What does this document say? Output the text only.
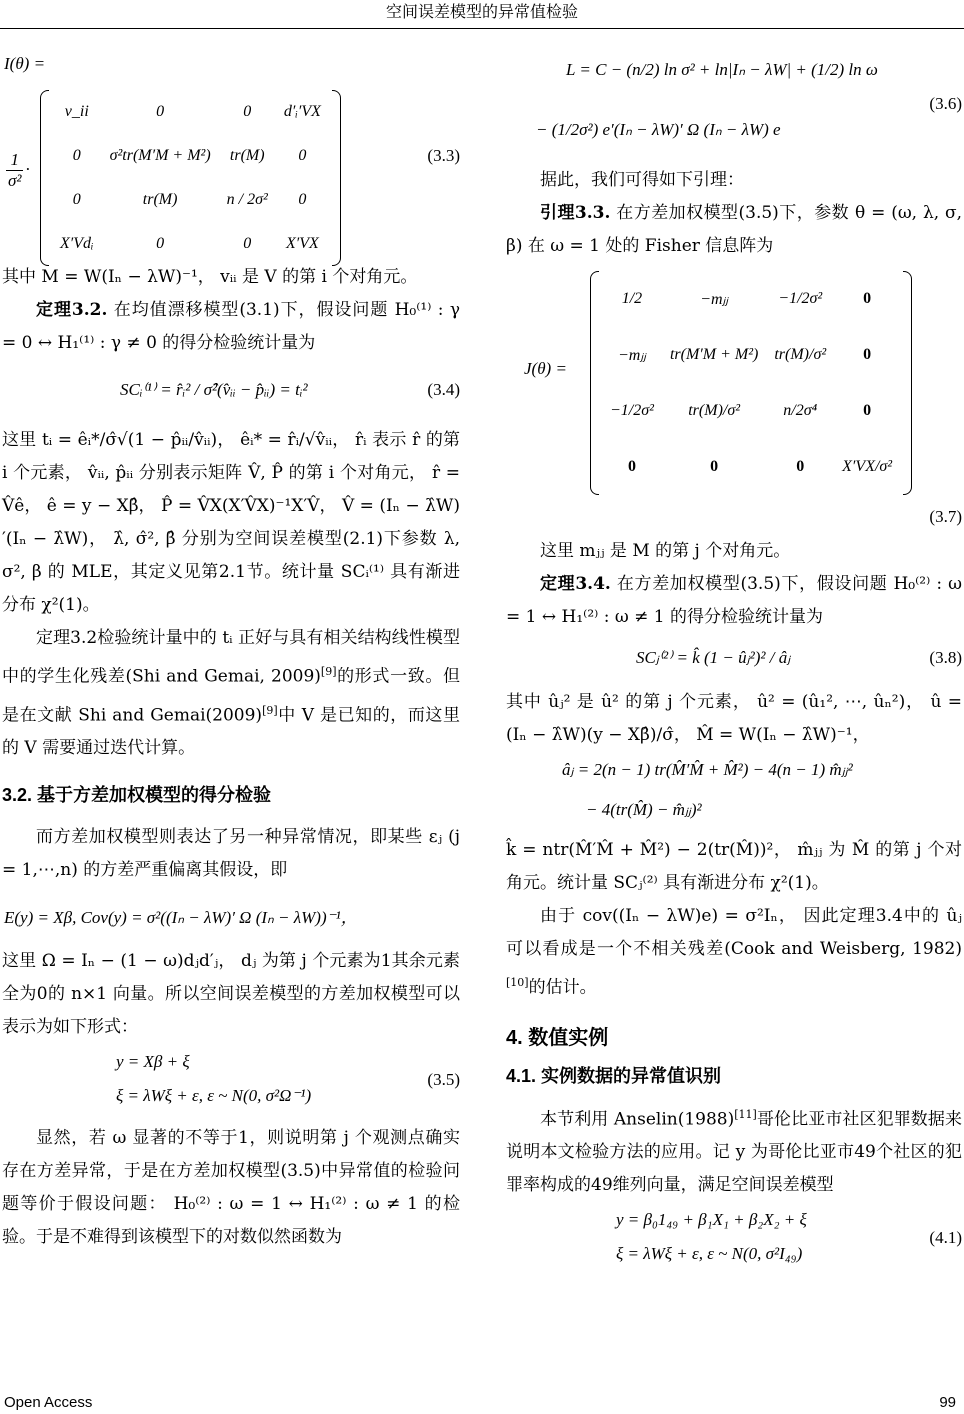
空间误差模型的异常值检验
I(θ) =
$\frac{1}{\text{σ²}}$ ·
v_ii	0	0	d′ᵢ′VX
0	σ²tr(M′M + M²)	tr(M)	0
0	tr(M)	n / 2σ²	0
X′Vdᵢ	0	0	X′VX
(3.3)

其中 M = W(Iₙ − λW)⁻¹， vᵢᵢ 是 V 的第 i 个对角元。

定理3.2. 在均值漂移模型(3.1)下，假设问题 H₀⁽¹⁾ : γ = 0 ↔ H₁⁽¹⁾ : γ ≠ 0 的得分检验统计量为

SCᵢ⁽¹⁾ = r̂ᵢ² / σ̂²(v̂ᵢᵢ − p̂ᵢᵢ) = tᵢ²	(3.4)

这里 tᵢ = êᵢ*/σ̂√(1 − p̂ᵢᵢ/v̂ᵢᵢ)， êᵢ* = r̂ᵢ/√v̂ᵢᵢ， r̂ᵢ 表示 r̂ 的第 i 个元素， v̂ᵢᵢ, p̂ᵢᵢ 分别表示矩阵 V̂, P̂ 的第 i 个对角元， r̂ = V̂ê， ê = y − Xβ̂， P̂ = V̂X(X′V̂X)⁻¹X′V̂， V̂ = (Iₙ − λ̂W)′(Iₙ − λ̂W)， λ̂, σ̂², β̂ 分别为空间误差模型(2.1)下参数 λ, σ², β 的 MLE，其定义见第2.1节。统计量 SCᵢ⁽¹⁾ 具有渐进分布 χ²(1)。

定理3.2检验统计量中的 tᵢ 正好与具有相关结构线性模型中的学生化残差(Shi and Gemai, 2009)[9]的形式一致。但是在文献 Shi and Gemai(2009)[9]中 V 是已知的，而这里的 V 需要通过迭代计算。

3.2. 基于方差加权模型的得分检验

而方差加权模型则表达了另一种异常情况，即某些 εⱼ (j = 1,⋯,n) 的方差严重偏离其假设，即

E(y) = Xβ, Cov(y) = σ²((Iₙ − λW)′ Ω (Iₙ − λW))⁻¹，

这里 Ω = Iₙ − (1 − ω)dⱼd′ⱼ， dⱼ 为第 j 个元素为1其余元素全为0的 n×1 向量。所以空间误差模型的方差加权模型可以表示为如下形式：

y = Xβ + ξ
ξ = λWξ + ε, ε ~ N(0, σ²Ω⁻¹)
(3.5)

显然，若 ω 显著的不等于1，则说明第 j 个观测点确实存在方差异常，于是在方差加权模型(3.5)中异常值的检验问题等价于假设问题： H₀⁽²⁾ : ω = 1 ↔ H₁⁽²⁾ : ω ≠ 1 的检验。于是不难得到该模型下的对数似然函数为

L = C − (n/2) ln σ² + ln|Iₙ − λW| + (1/2) ln ω
− (1/2σ²) e′(Iₙ − λW)′ Ω (Iₙ − λW) e
(3.6)

据此，我们可得如下引理：

引理3.3. 在方差加权模型(3.5)下，参数 θ = (ω, λ, σ, β) 在 ω = 1 处的 Fisher 信息阵为

J(θ) =
1/2	−mⱼⱼ	−1/2σ²	0
−mⱼⱼ	tr(M′M + M²)	tr(M)/σ²	0
−1/2σ²	tr(M)/σ²	n/2σ⁴	0
0	0	0	X′VX/σ²
(3.7)

这里 mⱼⱼ 是 M 的第 j 个对角元。

定理3.4. 在方差加权模型(3.5)下，假设问题 H₀⁽²⁾ : ω = 1 ↔ H₁⁽²⁾ : ω ≠ 1 的得分检验统计量为

SCⱼ⁽²⁾ = k̂ (1 − ûⱼ²)² / âⱼ	(3.8)

其中 ûⱼ² 是 û² 的第 j 个元素， û² = (û₁², ⋯, ûₙ²)， û = (Iₙ − λ̂W)(y − Xβ̂)/σ̂， M̂ = W(Iₙ − λ̂W)⁻¹，

âⱼ = 2(n − 1) tr(M̂′M̂ + M̂²) − 4(n − 1) m̂ⱼⱼ²
− 4(tr(M̂) − m̂ⱼⱼ)²

k̂ = ntr(M̂′M̂ + M̂²) − 2(tr(M̂))²， m̂ⱼⱼ 为 M̂ 的第 j 个对角元。统计量 SCⱼ⁽²⁾ 具有渐进分布 χ²(1)。

由于 cov((Iₙ − λW)e) = σ²Iₙ， 因此定理3.4中的 ûⱼ 可以看成是一个不相关残差(Cook and Weisberg, 1982)[10]的估计。

4. 数值实例

4.1. 实例数据的异常值识别

本节利用 Anselin(1988)[11]哥伦比亚市社区犯罪数据来说明本文检验方法的应用。记 y 为哥伦比亚市49个社区的犯罪率构成的49维列向量，满足空间误差模型

y = β₀1₄₉ + β₁X₁ + β₂X₂ + ξ
ξ = λWξ + ε, ε ~ N(0, σ²I₄₉)
(4.1)
Open Access	99
